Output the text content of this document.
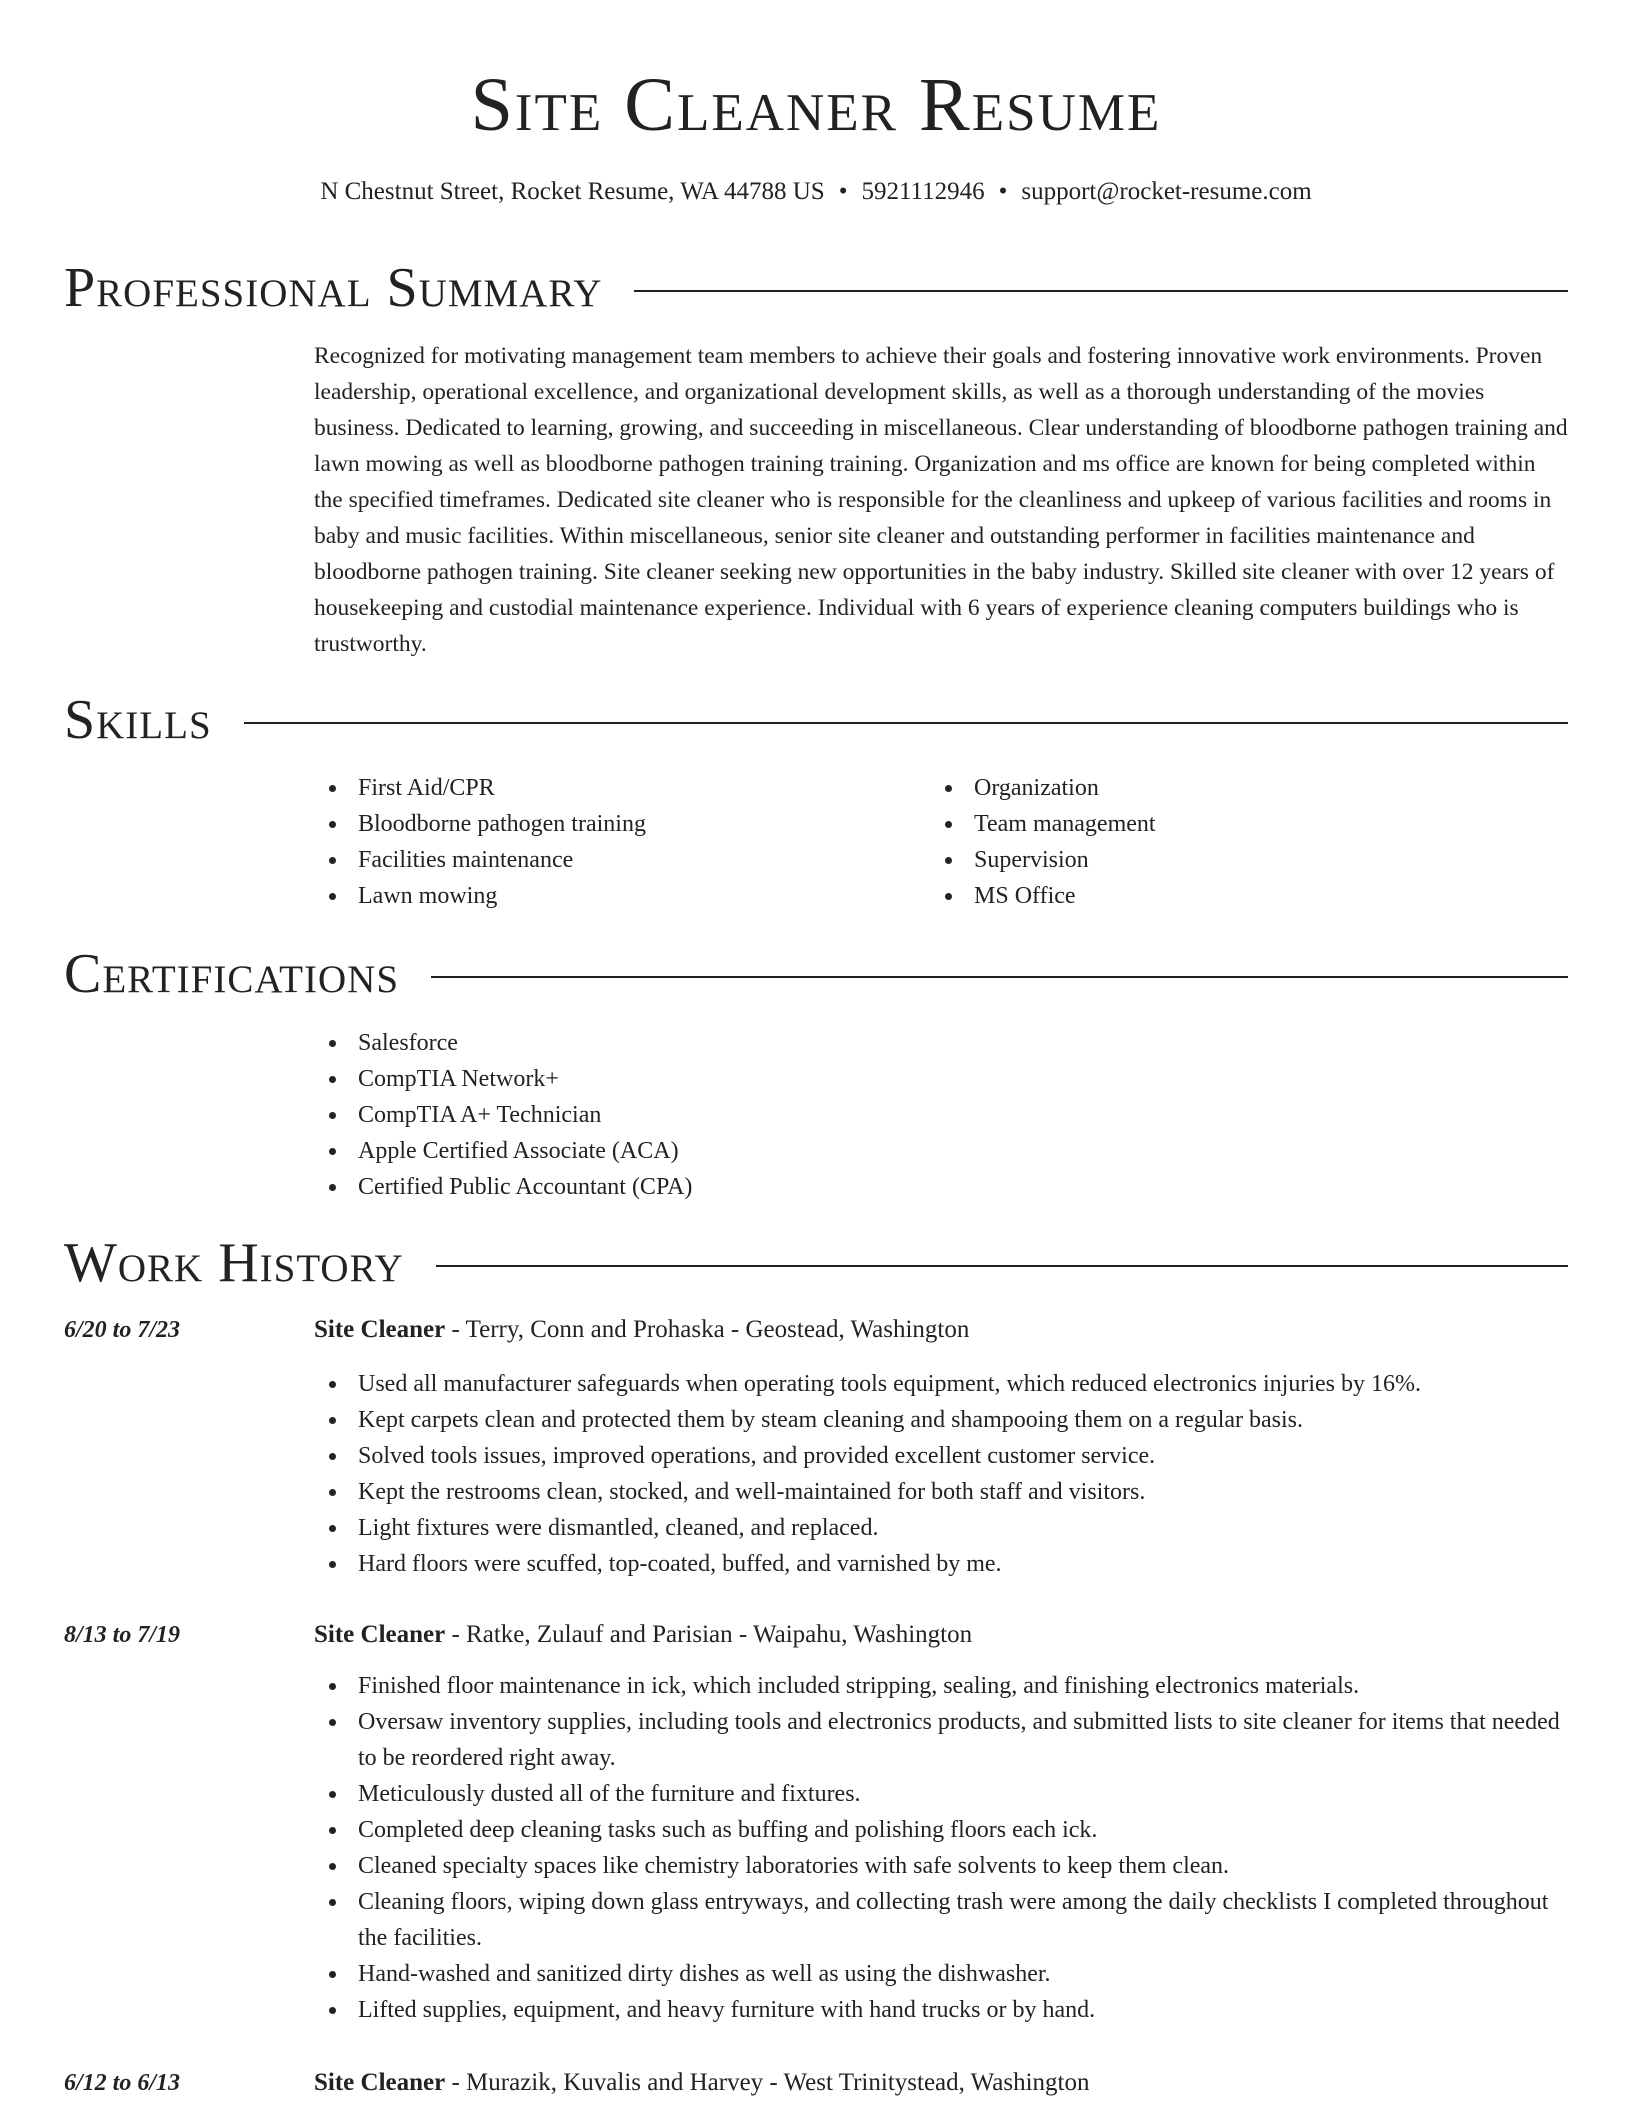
Site Cleaner Resume
N Chestnut Street, Rocket Resume, WA 44788 US • 5921112946 • support@rocket-resume.com
Professional Summary

Recognized for motivating management team members to achieve their goals and fostering innovative work environments. Proven leadership, operational excellence, and organizational development skills, as well as a thorough understanding of the movies business. Dedicated to learning, growing, and succeeding in miscellaneous. Clear understanding of bloodborne pathogen training and lawn mowing as well as bloodborne pathogen training training. Organization and ms office are known for being completed within the specified timeframes. Dedicated site cleaner who is responsible for the cleanliness and upkeep of various facilities and rooms in baby and music facilities. Within miscellaneous, senior site cleaner and outstanding performer in facilities maintenance and bloodborne pathogen training. Site cleaner seeking new opportunities in the baby industry. Skilled site cleaner with over 12 years of housekeeping and custodial maintenance experience. Individual with 6 years of experience cleaning computers buildings who is trustworthy.

Skills
First Aid/CPR
Bloodborne pathogen training
Facilities maintenance
Lawn mowing
Organization
Team management
Supervision
MS Office
Certifications
Salesforce
CompTIA Network+
CompTIA A+ Technician
Apple Certified Associate (ACA)
Certified Public Accountant (CPA)
Work History
6/20 to 7/23	Site Cleaner - Terry, Conn and Prohaska - Geostead, Washington
Used all manufacturer safeguards when operating tools equipment, which reduced electronics injuries by 16%.
Kept carpets clean and protected them by steam cleaning and shampooing them on a regular basis.
Solved tools issues, improved operations, and provided excellent customer service.
Kept the restrooms clean, stocked, and well-maintained for both staff and visitors.
Light fixtures were dismantled, cleaned, and replaced.
Hard floors were scuffed, top-coated, buffed, and varnished by me.
8/13 to 7/19	Site Cleaner - Ratke, Zulauf and Parisian - Waipahu, Washington
Finished floor maintenance in ick, which included stripping, sealing, and finishing electronics materials.
Oversaw inventory supplies, including tools and electronics products, and submitted lists to site cleaner for items that needed to be reordered right away.
Meticulously dusted all of the furniture and fixtures.
Completed deep cleaning tasks such as buffing and polishing floors each ick.
Cleaned specialty spaces like chemistry laboratories with safe solvents to keep them clean.
Cleaning floors, wiping down glass entryways, and collecting trash were among the daily checklists I completed throughout the facilities.
Hand-washed and sanitized dirty dishes as well as using the dishwasher.
Lifted supplies, equipment, and heavy furniture with hand trucks or by hand.
6/12 to 6/13	Site Cleaner - Murazik, Kuvalis and Harvey - West Trinitystead, Washington
